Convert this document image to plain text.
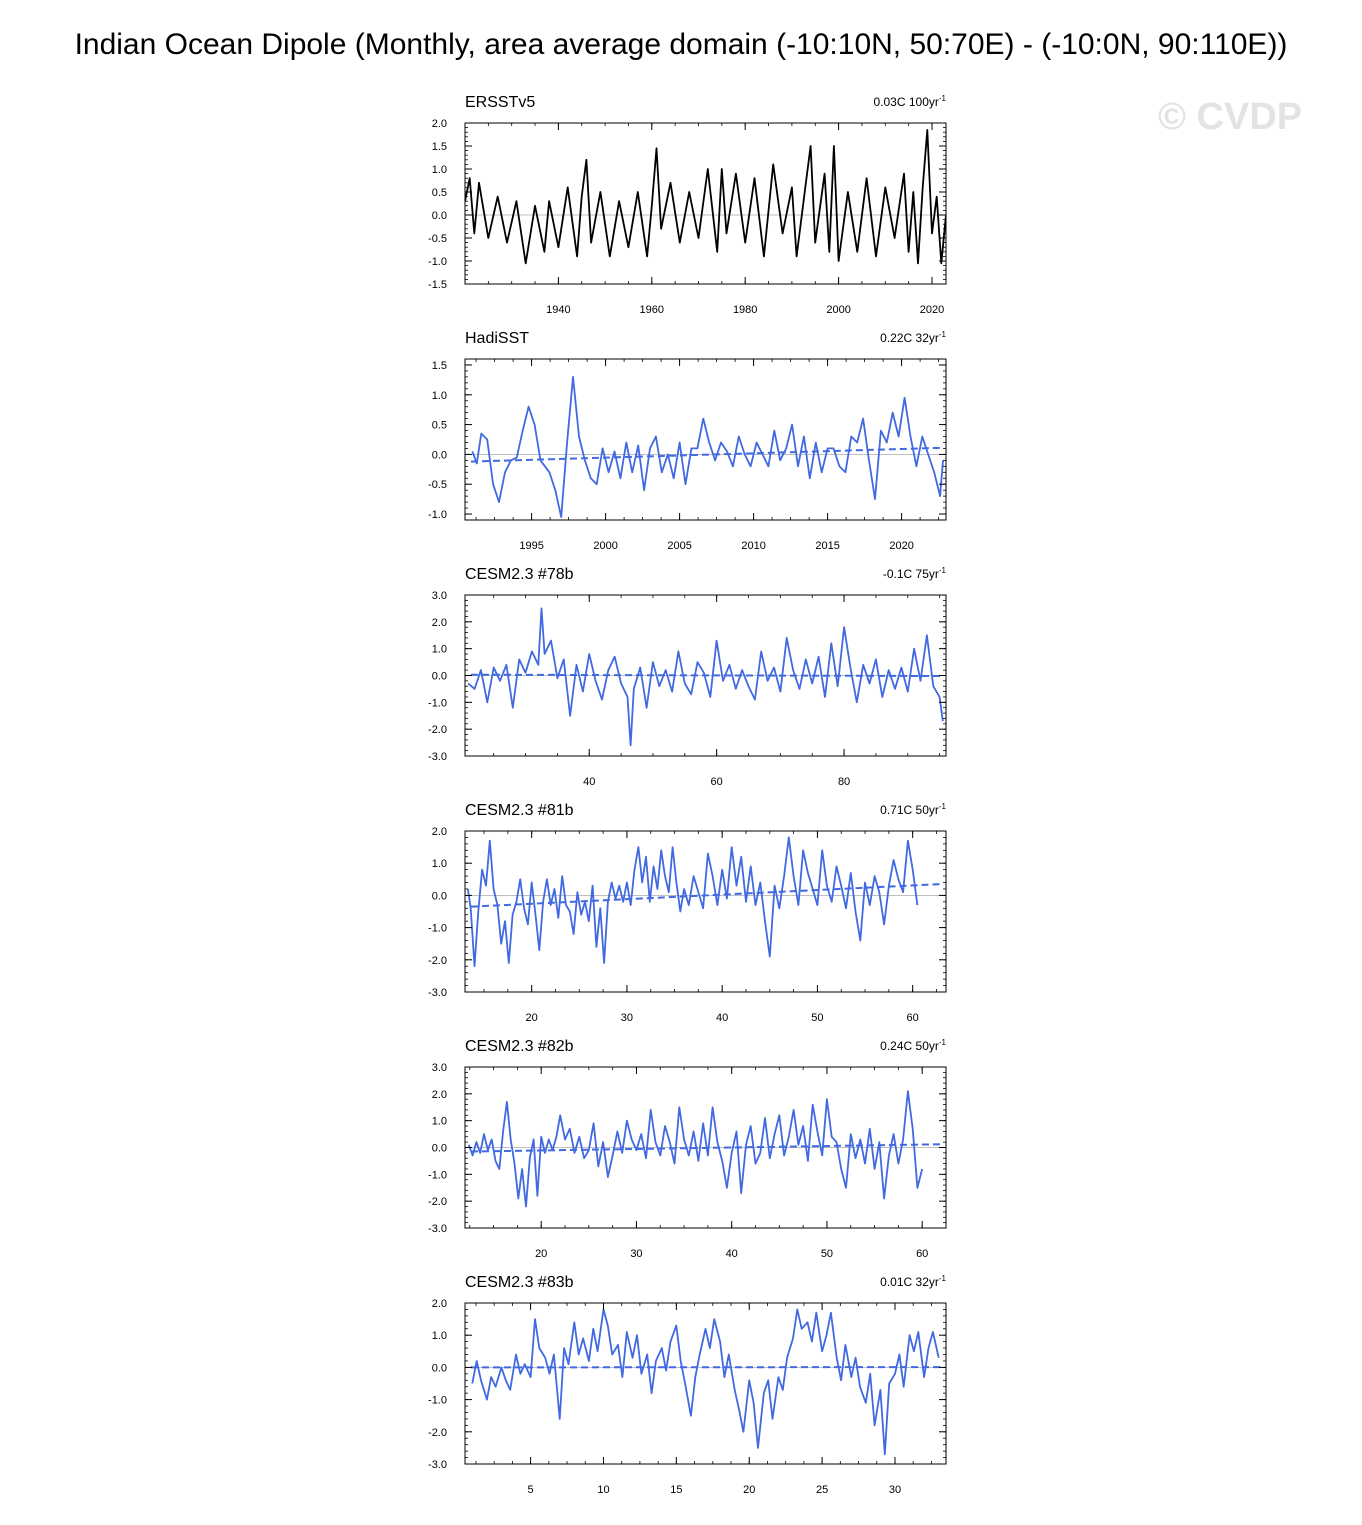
Indian Ocean Dipole (Monthly, area average domain (-10:10N, 50:70E) - (-10:0N, 90:110E))
© CVDP
ERSSTv5	0.03C $100yr^{-1}$
2.0
1.5
1.0
0.5
0.0
-0.5
-1.0
-1.5
1940	1960	1980	2000	2020
HadiSST	0.22C $32yr^{-1}$
1.5
1.0
0.5
0.0
-0.5
-1.0
1995	2000	2005	2010	2015	2020
CESM2.3 #78b	-0.1C $75yr^{-1}$
3.0
2.0
1.0
0.0
-1.0
-2.0
-3.0
40	60	80
CESM2.3 #81b	0.71C $50yr^{-1}$
2.0
1.0
0.0
-1.0
-2.0
-3.0
20	30	40	50	60
CESM2.3 #82b	0.24C $50yr^{-1}$
3.0
2.0
1.0
0.0
-1.0
-2.0
-3.0
20	30	40	50	60
CESM2.3 #83b	0.01C $32yr^{-1}$
2.0
1.0
0.0
-1.0
-2.0
-3.0
5	10	15	20	25	30
